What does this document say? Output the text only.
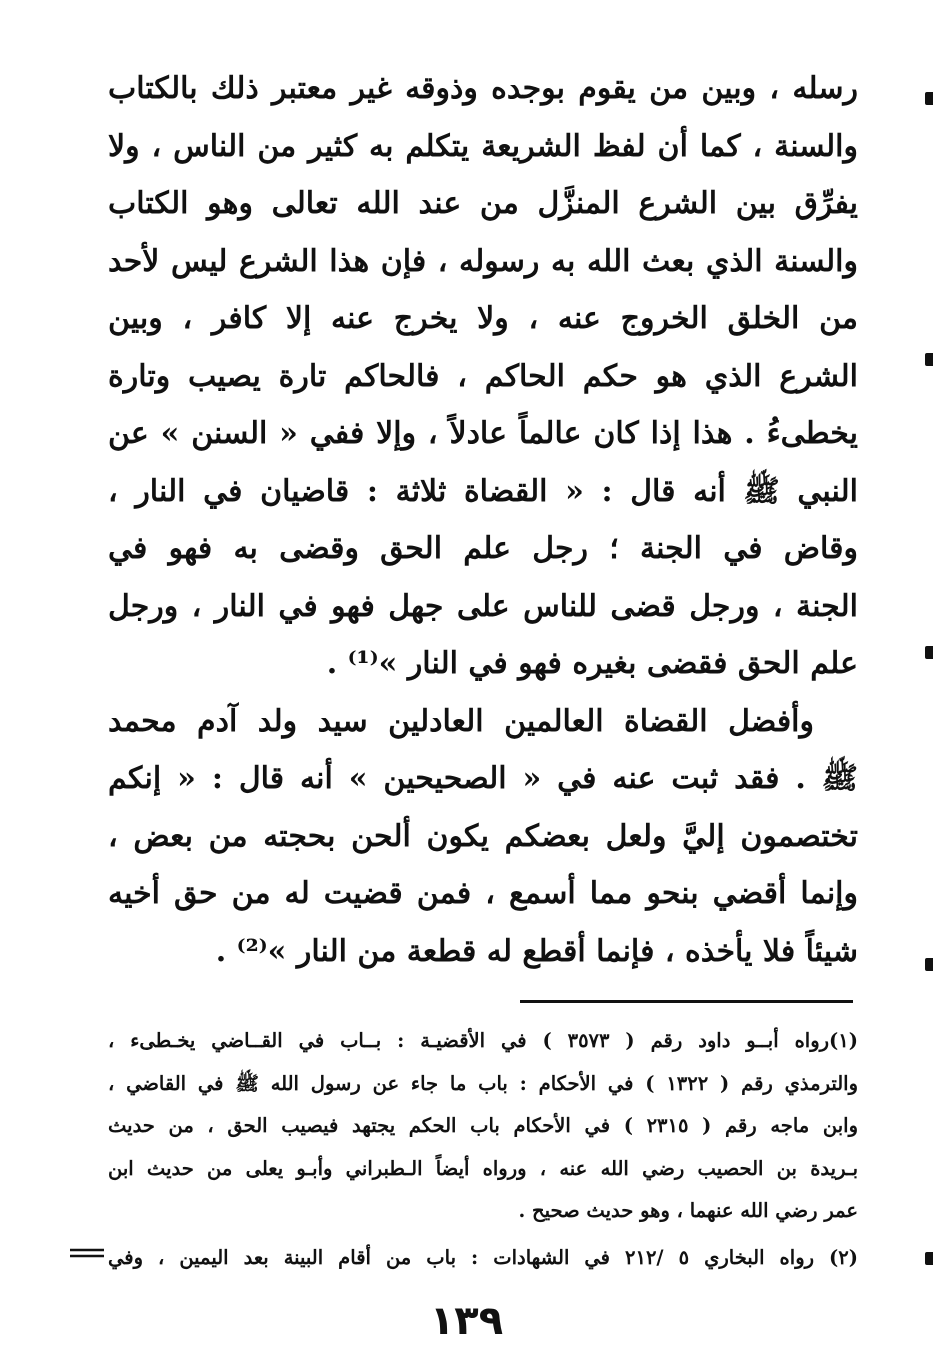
رسله ، وبين من يقوم بوجده وذوقه غير معتبر ذلك بالكتاب
والسنة ، كما أن لفظ الشريعة يتكلم به كثير من الناس ، ولا
يفرِّق بين الشرع المنزَّل من عند الله تعالى وهو الكتاب
والسنة الذي بعث الله به رسوله ، فإن هذا الشرع ليس لأحد
من الخلق الخروج عنه ، ولا يخرج عنه إلا كافر ، وبين
الشرع الذي هو حكم الحاكم ، فالحاكم تارة يصيب وتارة
يخطىءُ . هذا إذا كان عالماً عادلاً ، وإلا ففي « السنن » عن
النبي ﷺ أنه قال : « القضاة ثلاثة : قاضيان في النار ،
وقاض في الجنة ؛ رجل علم الحق وقضى به فهو في
الجنة ، ورجل قضى للناس على جهل فهو في النار ، ورجل
علم الحق فقضى بغيره فهو في النار »⁽¹⁾ .
وأفضل القضاة العالمين العادلين سيد ولد آدم محمد
ﷺ . فقد ثبت عنه في « الصحيحين » أنه قال : « إنكم
تختصمون إليَّ ولعل بعضكم يكون ألحن بحجته من بعض ،
وإنما أقضي بنحو مما أسمع ، فمن قضيت له من حق أخيه
شيئاً فلا يأخذه ، فإنما أقطع له قطعة من النار »⁽²⁾ .
(١)رواه أبــو داود رقم ( ٣٥٧٣ ) في الأقضيـة : بــاب في القــاضي يخـطىء ،
والترمذي رقم ( ١٣٢٢ ) في الأحكام : باب ما جاء عن رسول الله ﷺ في القاضي ،
وابن ماجه رقم ( ٢٣١٥ ) في الأحكام باب الحكم يجتهد فيصيب الحق ، من حديث
بـريدة بن الحصيب رضي الله عنه ، ورواه أيضاً الـطبراني وأبـو يعلى من حديث ابن
عمر رضي الله عنهما ، وهو حديث صحيح .
(٢) رواه البخاري ٥ /٢١٢ في الشهادات : باب من أقام البينة بعد اليمين ، وفي
١٣٩
